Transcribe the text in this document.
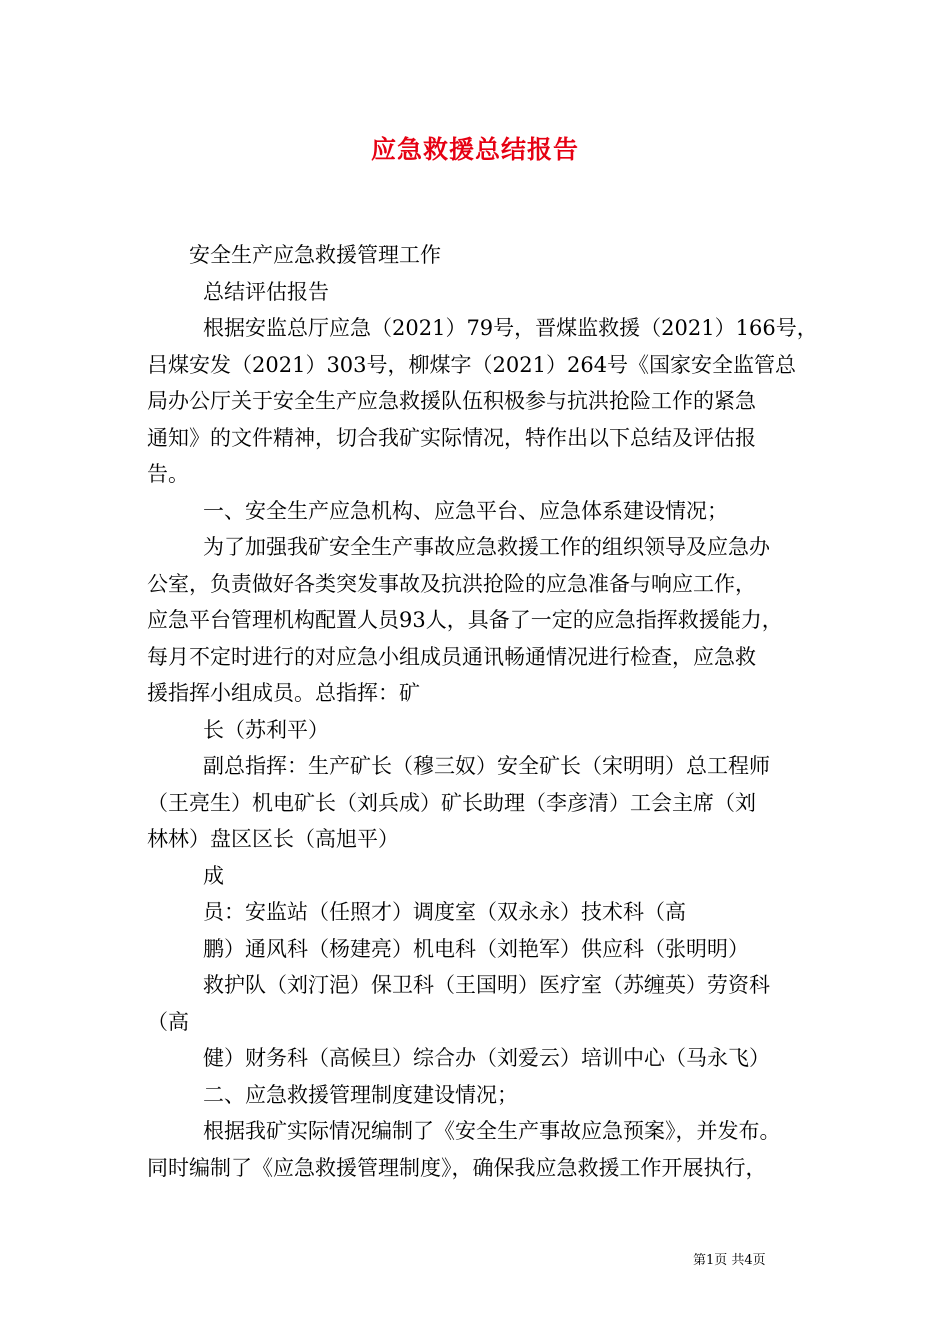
应急救援总结报告

安全生产应急救援管理工作

总结评估报告

根据安监总厅应急（2021）79号，晋煤监救援（2021）166号，

吕煤安发（2021）303号，柳煤字（2021）264号《国家安全监管总

局办公厅关于安全生产应急救援队伍积极参与抗洪抢险工作的紧急

通知》的文件精神，切合我矿实际情况，特作出以下总结及评估报

告。

一、安全生产应急机构、应急平台、应急体系建设情况；

为了加强我矿安全生产事故应急救援工作的组织领导及应急办

公室，负责做好各类突发事故及抗洪抢险的应急准备与响应工作，

应急平台管理机构配置人员93人，具备了一定的应急指挥救援能力，

每月不定时进行的对应急小组成员通讯畅通情况进行检查，应急救

援指挥小组成员。总指挥：矿

长（苏利平）

副总指挥：生产矿长（穆三奴）安全矿长（宋明明）总工程师

（王亮生）机电矿长（刘兵成）矿长助理（李彦清）工会主席（刘

林林）盘区区长（高旭平）

成

员：安监站（任照才）调度室（双永永）技术科（高

鹏）通风科（杨建亮）机电科（刘艳军）供应科（张明明）

救护队（刘汀浥）保卫科（王国明）医疗室（苏缠英）劳资科

（高

健）财务科（高候旦）综合办（刘爱云）培训中心（马永飞）

二、应急救援管理制度建设情况；

根据我矿实际情况编制了《安全生产事故应急预案》，并发布。

同时编制了《应急救援管理制度》，确保我应急救援工作开展执行，

第1页 共4页
